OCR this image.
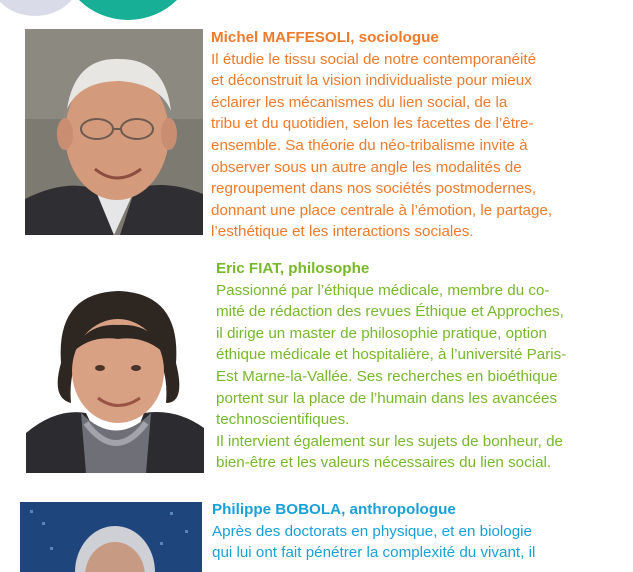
Michel MAFFESOLI, sociologue

Il étudie le tissu social de notre contemporanéité

et déconstruit la vision individualiste pour mieux

éclairer les mécanismes du lien social, de la

tribu et du quotidien, selon les facettes de l’être-

ensemble. Sa théorie du néo-tribalisme invite à

observer sous un autre angle les modalités de

regroupement dans nos sociétés postmodernes,

donnant une place centrale à l’émotion, le partage,

l’esthétique et les interactions sociales.

Eric FIAT, philosophe

Passionné par l’éthique médicale, membre du co-

mité de rédaction des revues Éthique et Approches,

il dirige un master de philosophie pratique, option

éthique médicale et hospitalière, à l’université Paris-

Est Marne-la-Vallée. Ses recherches en bioéthique

portent sur la place de l’humain dans les avancées

technoscientifiques.

Il intervient également sur les sujets de bonheur, de

bien-être et les valeurs nécessaires du lien social.

Philippe BOBOLA, anthropologue

Après des doctorats en physique, et en biologie

qui lui ont fait pénétrer la complexité du vivant, il
